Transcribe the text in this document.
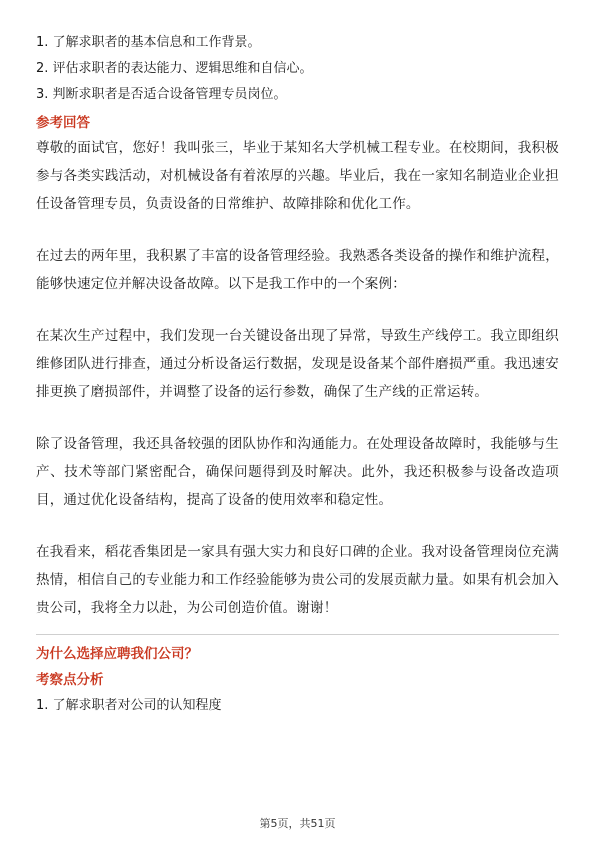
1. 了解求职者的基本信息和工作背景。

2. 评估求职者的表达能力、逻辑思维和自信心。

3. 判断求职者是否适合设备管理专员岗位。

参考回答

尊敬的面试官，您好！我叫张三，毕业于某知名大学机械工程专业。在校期间，我积极参与各类实践活动，对机械设备有着浓厚的兴趣。毕业后，我在一家知名制造业企业担任设备管理专员，负责设备的日常维护、故障排除和优化工作。

在过去的两年里，我积累了丰富的设备管理经验。我熟悉各类设备的操作和维护流程，能够快速定位并解决设备故障。以下是我工作中的一个案例：

在某次生产过程中，我们发现一台关键设备出现了异常，导致生产线停工。我立即组织维修团队进行排查，通过分析设备运行数据，发现是设备某个部件磨损严重。我迅速安排更换了磨损部件，并调整了设备的运行参数，确保了生产线的正常运转。

除了设备管理，我还具备较强的团队协作和沟通能力。在处理设备故障时，我能够与生产、技术等部门紧密配合，确保问题得到及时解决。此外，我还积极参与设备改造项目，通过优化设备结构，提高了设备的使用效率和稳定性。

在我看来，稻花香集团是一家具有强大实力和良好口碑的企业。我对设备管理岗位充满热情，相信自己的专业能力和工作经验能够为贵公司的发展贡献力量。如果有机会加入贵公司，我将全力以赴，为公司创造价值。谢谢！

为什么选择应聘我们公司？

考察点分析

1. 了解求职者对公司的认知程度

第5页，共51页
